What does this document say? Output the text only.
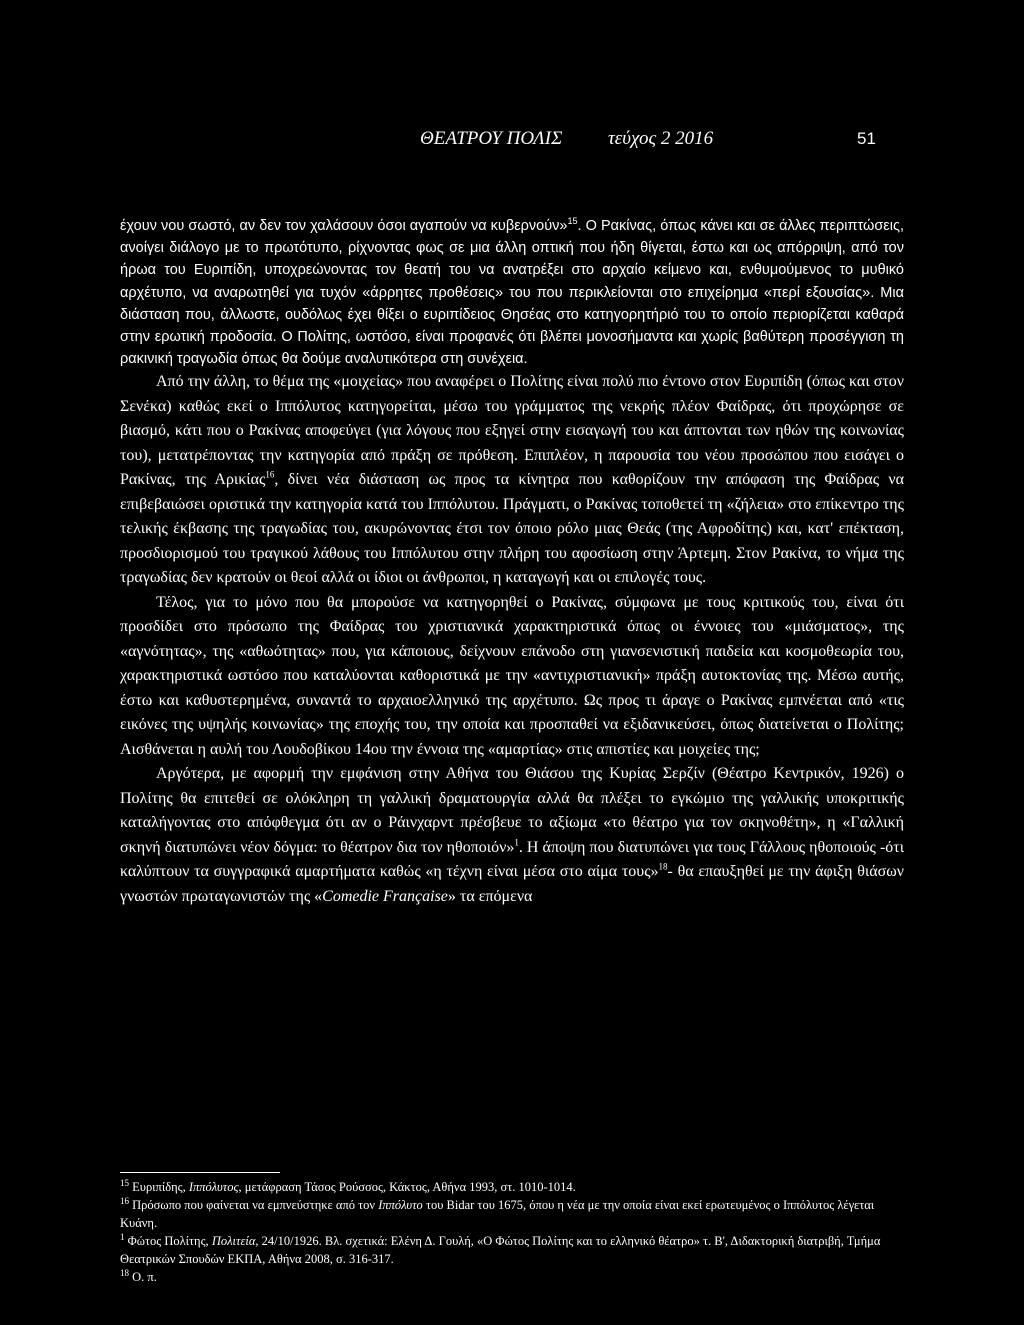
ΘΕΑΤΡΟΥ ΠΟΛΙΣ τεύχος 2 2016	51

έχουν νου σωστό, αν δεν τον χαλάσουν όσοι αγαπούν να κυβερνούν»$^{15}$. Ο Ρακίνας, όπως κάνει και σε άλλες περιπτώσεις, ανοίγει διάλογο με το πρωτότυπο, ρίχνοντας φως σε μια άλλη οπτική που ήδη θίγεται, έστω και ως απόρριψη, από τον ήρωα του Ευριπίδη, υποχρεώνοντας τον θεατή του να ανατρέξει στο αρχαίο κείμενο και, ενθυμούμενος το μυθικό αρχέτυπο, να αναρωτηθεί για τυχόν «άρρητες προθέσεις» του που περικλείονται στο επιχείρημα «περί εξουσίας». Μια διάσταση που, άλλωστε, ουδόλως έχει θίξει ο ευριπίδειος Θησέας στο κατηγορητήριό του το οποίο περιορίζεται καθαρά στην ερωτική προδοσία. Ο Πολίτης, ωστόσο, είναι προφανές ότι βλέπει μονοσήμαντα και χωρίς βαθύτερη προσέγγιση τη ρακινική τραγωδία όπως θα δούμε αναλυτικότερα στη συνέχεια.

Από την άλλη, το θέμα της «μοιχείας» που αναφέρει ο Πολίτης είναι πολύ πιο έντονο στον Ευριπίδη (όπως και στον Σενέκα) καθώς εκεί ο Ιππόλυτος κατηγορείται, μέσω του γράμματος της νεκρής πλέον Φαίδρας, ότι προχώρησε σε βιασμό, κάτι που ο Ρακίνας αποφεύγει (για λόγους που εξηγεί στην εισαγωγή του και άπτονται των ηθών της κοινωνίας του), μετατρέποντας την κατηγορία από πράξη σε πρόθεση. Επιπλέον, η παρουσία του νέου προσώπου που εισάγει ο Ρακίνας, της Αρικίας$^{16}$, δίνει νέα διάσταση ως προς τα κίνητρα που καθορίζουν την απόφαση της Φαίδρας να επιβεβαιώσει οριστικά την κατηγορία κατά του Ιππόλυτου. Πράγματι, ο Ρακίνας τοποθετεί τη «ζήλεια» στο επίκεντρο της τελικής έκβασης της τραγωδίας του, ακυρώνοντας έτσι τον όποιο ρόλο μιας Θεάς (της Αφροδίτης) και, κατ' επέκταση, προσδιορισμού του τραγικού λάθους του Ιππόλυτου στην πλήρη του αφοσίωση στην Άρτεμη. Στον Ρακίνα, το νήμα της τραγωδίας δεν κρατούν οι θεοί αλλά οι ίδιοι οι άνθρωποι, η καταγωγή και οι επιλογές τους.

Τέλος, για το μόνο που θα μπορούσε να κατηγορηθεί ο Ρακίνας, σύμφωνα με τους κριτικούς του, είναι ότι προσδίδει στο πρόσωπο της Φαίδρας του χριστιανικά χαρακτηριστικά όπως οι έννοιες του «μιάσματος», της «αγνότητας», της «αθωότητας» που, για κάποιους, δείχνουν επάνοδο στη γιανσενιστική παιδεία και κοσμοθεωρία του, χαρακτηριστικά ωστόσο που καταλύονται καθοριστικά με την «αντιχριστιανική» πράξη αυτοκτονίας της. Μέσω αυτής, έστω και καθυστερημένα, συναντά το αρχαιοελληνικό της αρχέτυπο. Ως προς τι άραγε ο Ρακίνας εμπνέεται από «τις εικόνες της υψηλής κοινωνίας» της εποχής του, την οποία και προσπαθεί να εξιδανικεύσει, όπως διατείνεται ο Πολίτης; Αισθάνεται η αυλή του Λουδοβίκου 14ου την έννοια της «αμαρτίας» στις απιστίες και μοιχείες της;

Αργότερα, με αφορμή την εμφάνιση στην Αθήνα του Θιάσου της Κυρίας Σερζίν (Θέατρο Κεντρικόν, 1926) ο Πολίτης θα επιτεθεί σε ολόκληρη τη γαλλική δραματουργία αλλά θα πλέξει το εγκώμιο της γαλλικής υποκριτικής καταλήγοντας στο απόφθεγμα ότι αν ο Ράινχαρντ πρέσβευε το αξίωμα «το θέατρο για τον σκηνοθέτη», η «Γαλλική σκηνή διατυπώνει νέον δόγμα: το θέατρον δια τον ηθοποιόν»$^1$. Η άποψη που διατυπώνει για τους Γάλλους ηθοποιούς -ότι καλύπτουν τα συγγραφικά αμαρτήματα καθώς «η τέχνη είναι μέσα στο αίμα τους»$^{18}$- θα επαυξηθεί με την άφιξη θιάσων γνωστών πρωταγωνιστών της «Comedie Française» τα επόμενα

$^{15}$ Ευριπίδης, Ιππόλυτος, μετάφραση Τάσος Ρούσσος, Κάκτος, Αθήνα 1993, στ. 1010-1014.
$^{16}$ Πρόσωπο που φαίνεται να εμπνεύστηκε από τον Ιππόλυτο του Bidar του 1675, όπου η νέα με την οποία είναι εκεί ερωτευμένος ο Ιππόλυτος λέγεται Κυάνη.
$^1$ Φώτος Πολίτης, Πολιτεία, 24/10/1926. Βλ. σχετικά: Ελένη Δ. Γουλή, «Ο Φώτος Πολίτης και το ελληνικό θέατρο» τ. Β', Διδακτορική διατριβή, Τμήμα Θεατρικών Σπουδών ΕΚΠΑ, Αθήνα 2008, σ. 316-317.
$^{18}$ Ο. π.
